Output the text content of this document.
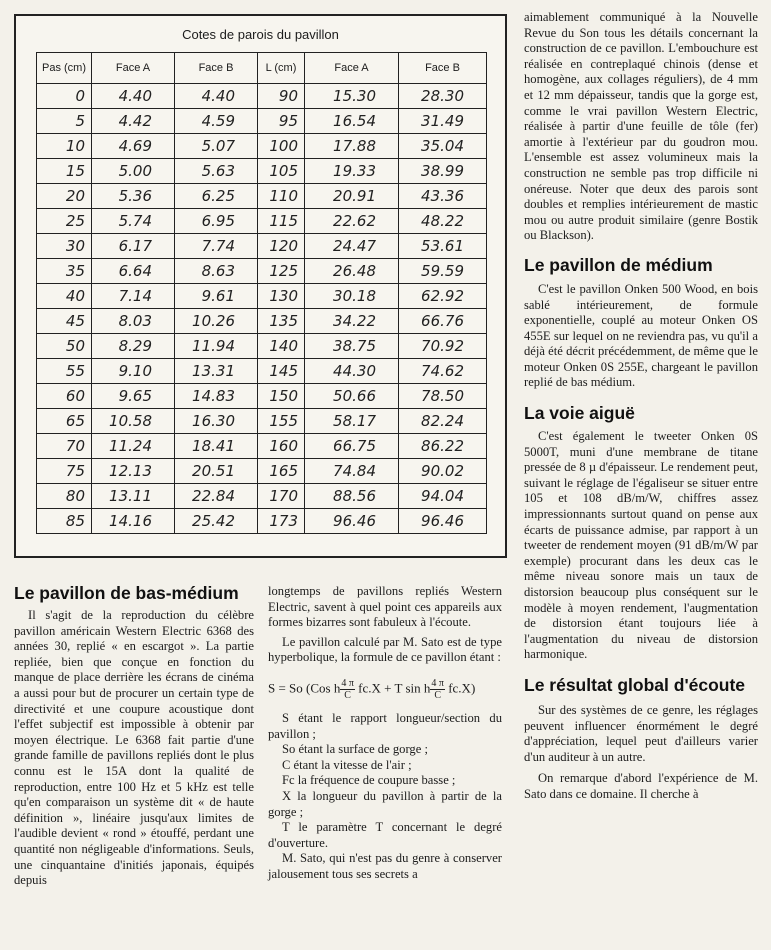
Cotes de parois du pavillon
Pas (cm)	Face A	Face B	L (cm)	Face A	Face B
0	4.40	4.40	90	15.30	28.30
5	4.42	4.59	95	16.54	31.49
10	4.69	5.07	100	17.88	35.04
15	5.00	5.63	105	19.33	38.99
20	5.36	6.25	110	20.91	43.36
25	5.74	6.95	115	22.62	48.22
30	6.17	7.74	120	24.47	53.61
35	6.64	8.63	125	26.48	59.59
40	7.14	9.61	130	30.18	62.92
45	8.03	10.26	135	34.22	66.76
50	8.29	11.94	140	38.75	70.92
55	9.10	13.31	145	44.30	74.62
60	9.65	14.83	150	50.66	78.50
65	10.58	16.30	155	58.17	82.24
70	11.24	18.41	160	66.75	86.22
75	12.13	20.51	165	74.84	90.02
80	13.11	22.84	170	88.56	94.04
85	14.16	25.42	173	96.46	96.46

aimablement communiqué à la Nouvelle Revue du Son tous les détails concernant la construction de ce pavillon. L'embouchure est réalisée en contreplaqué chinois (dense et homogène, aux collages réguliers), de 4 mm et 12 mm dépaisseur, tandis que la gorge est, comme le vrai pavillon Western Electric, réalisée à partir d'une feuille de tôle (fer) amortie à l'extérieur par du goudron mou. L'ensemble est assez volumineux mais la construction ne semble pas trop difficile ni onéreuse. Noter que deux des parois sont doubles et remplies intérieurement de mastic mou ou autre produit similaire (genre Bostik ou Blackson).

Le pavillon de médium

C'est le pavillon Onken 500 Wood, en bois sablé intérieurement, de formule exponentielle, couplé au moteur Onken OS 455E sur lequel on ne reviendra pas, vu qu'il a déjà été décrit précédemment, de même que le moteur Onken 0S 255E, chargeant le pavillon replié de bas médium.

La voie aiguë

C'est également le tweeter Onken 0S 5000T, muni d'une membrane de titane pressée de 8 µ d'épaisseur. Le rendement peut, suivant le réglage de l'égaliseur se situer entre 105 et 108 dB/m/W, chiffres assez impressionnants surtout quand on pense aux écarts de puissance admise, par rapport à un tweeter de rendement moyen (91 dB/m/W par exemple) procurant dans les deux cas le même niveau sonore mais un taux de distorsion beaucoup plus conséquent sur le modèle à moyen rendement, l'augmentation de distorsion étant toujours liée à l'augmentation du niveau de distorsion harmonique.

Le résultat global d'écoute

Sur des systèmes de ce genre, les réglages peuvent influencer énormément le degré d'appréciation, lequel peut d'ailleurs varier d'un auditeur à un autre.

On remarque d'abord l'expérience de M. Sato dans ce domaine. Il cherche à

Le pavillon de bas-médium

Il s'agit de la reproduction du célèbre pavillon américain Western Electric 6368 des années 30, replié « en escargot ». La partie repliée, bien que conçue en fonction du manque de place derrière les écrans de cinéma a aussi pour but de procurer un certain type de directivité et une coupure acoustique dont l'effet subjectif est impossible à obtenir par moyen électrique. Le 6368 fait partie d'une grande famille de pavillons repliés dont le plus connu est le 15A dont la qualité de reproduction, entre 100 Hz et 5 kHz est telle qu'en comparaison un système dit « de haute définition », linéaire jusqu'aux limites de l'audible devient « rond » étouffé, perdant une quantité non négligeable d'informations. Seuls, une cinquantaine d'initiés japonais, équipés depuis

longtemps de pavillons repliés Western Electric, savent à quel point ces appareils aux formes bizarres sont fabuleux à l'écoute.

Le pavillon calculé par M. Sato est de type hyperbolique, la formule de ce pavillon étant :

S = So (Cos h $\frac{4 \pi}{C} fc.X + T$ sin h $\frac{4 \pi}{C} fc.X$)

S étant le rapport longueur/section du pavillon ;

So étant la surface de gorge ;

C étant la vitesse de l'air ;

Fc la fréquence de coupure basse ;

X la longueur du pavillon à partir de la gorge ;

T le paramètre T concernant le degré d'ouverture.

M. Sato, qui n'est pas du genre à conserver jalousement tous ses secrets a
